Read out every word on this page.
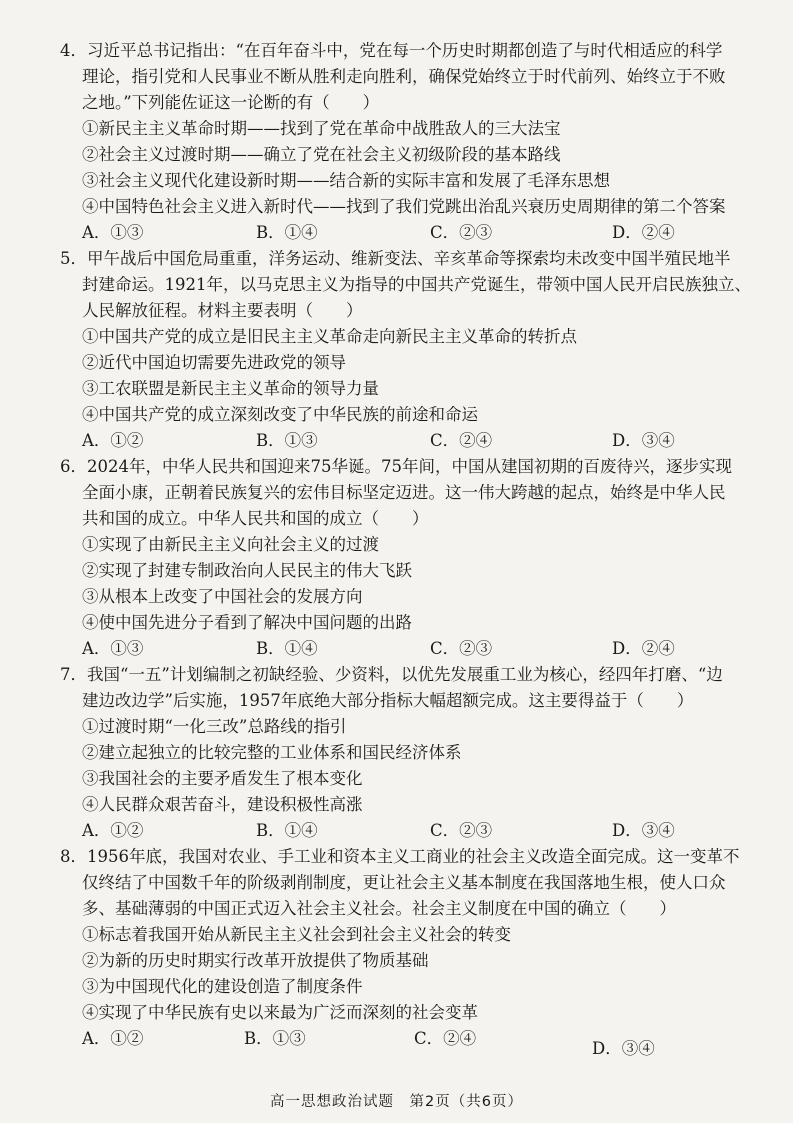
4．习近平总书记指出：“在百年奋斗中，党在每一个历史时期都创造了与时代相适应的科学
理论，指引党和人民事业不断从胜利走向胜利，确保党始终立于时代前列、始终立于不败
之地。”下列能佐证这一论断的有（　　）
①新民主主义革命时期——找到了党在革命中战胜敌人的三大法宝
②社会主义过渡时期——确立了党在社会主义初级阶段的基本路线
③社会主义现代化建设新时期——结合新的实际丰富和发展了毛泽东思想
④中国特色社会主义进入新时代——找到了我们党跳出治乱兴衰历史周期律的第二个答案
A．①③	B．①④	C．②③	D．②④
5．甲午战后中国危局重重，洋务运动、维新变法、辛亥革命等探索均未改变中国半殖民地半
封建命运。1921年，以马克思主义为指导的中国共产党诞生，带领中国人民开启民族独立、
人民解放征程。材料主要表明（　　）
①中国共产党的成立是旧民主主义革命走向新民主主义革命的转折点
②近代中国迫切需要先进政党的领导
③工农联盟是新民主主义革命的领导力量
④中国共产党的成立深刻改变了中华民族的前途和命运
A．①②	B．①③	C．②④	D．③④
6．2024年，中华人民共和国迎来75华诞。75年间，中国从建国初期的百废待兴，逐步实现
全面小康，正朝着民族复兴的宏伟目标坚定迈进。这一伟大跨越的起点，始终是中华人民
共和国的成立。中华人民共和国的成立（　　）
①实现了由新民主主义向社会主义的过渡
②实现了封建专制政治向人民民主的伟大飞跃
③从根本上改变了中国社会的发展方向
④使中国先进分子看到了解决中国问题的出路
A．①③	B．①④	C．②③	D．②④
7．我国“一五”计划编制之初缺经验、少资料，以优先发展重工业为核心，经四年打磨、“边
建边改边学”后实施，1957年底绝大部分指标大幅超额完成。这主要得益于（　　）
①过渡时期“一化三改”总路线的指引
②建立起独立的比较完整的工业体系和国民经济体系
③我国社会的主要矛盾发生了根本变化
④人民群众艰苦奋斗，建设积极性高涨
A．①②	B．①④	C．②③	D．③④
8．1956年底，我国对农业、手工业和资本主义工商业的社会主义改造全面完成。这一变革不
仅终结了中国数千年的阶级剥削制度，更让社会主义基本制度在我国落地生根，使人口众
多、基础薄弱的中国正式迈入社会主义社会。社会主义制度在中国的确立（　　）
①标志着我国开始从新民主主义社会到社会主义社会的转变
②为新的历史时期实行改革开放提供了物质基础
③为中国现代化的建设创造了制度条件
④实现了中华民族有史以来最为广泛而深刻的社会变革
A．①②	B．①③	C．②④
D．③④
高一思想政治试题　第2页（共6页）
